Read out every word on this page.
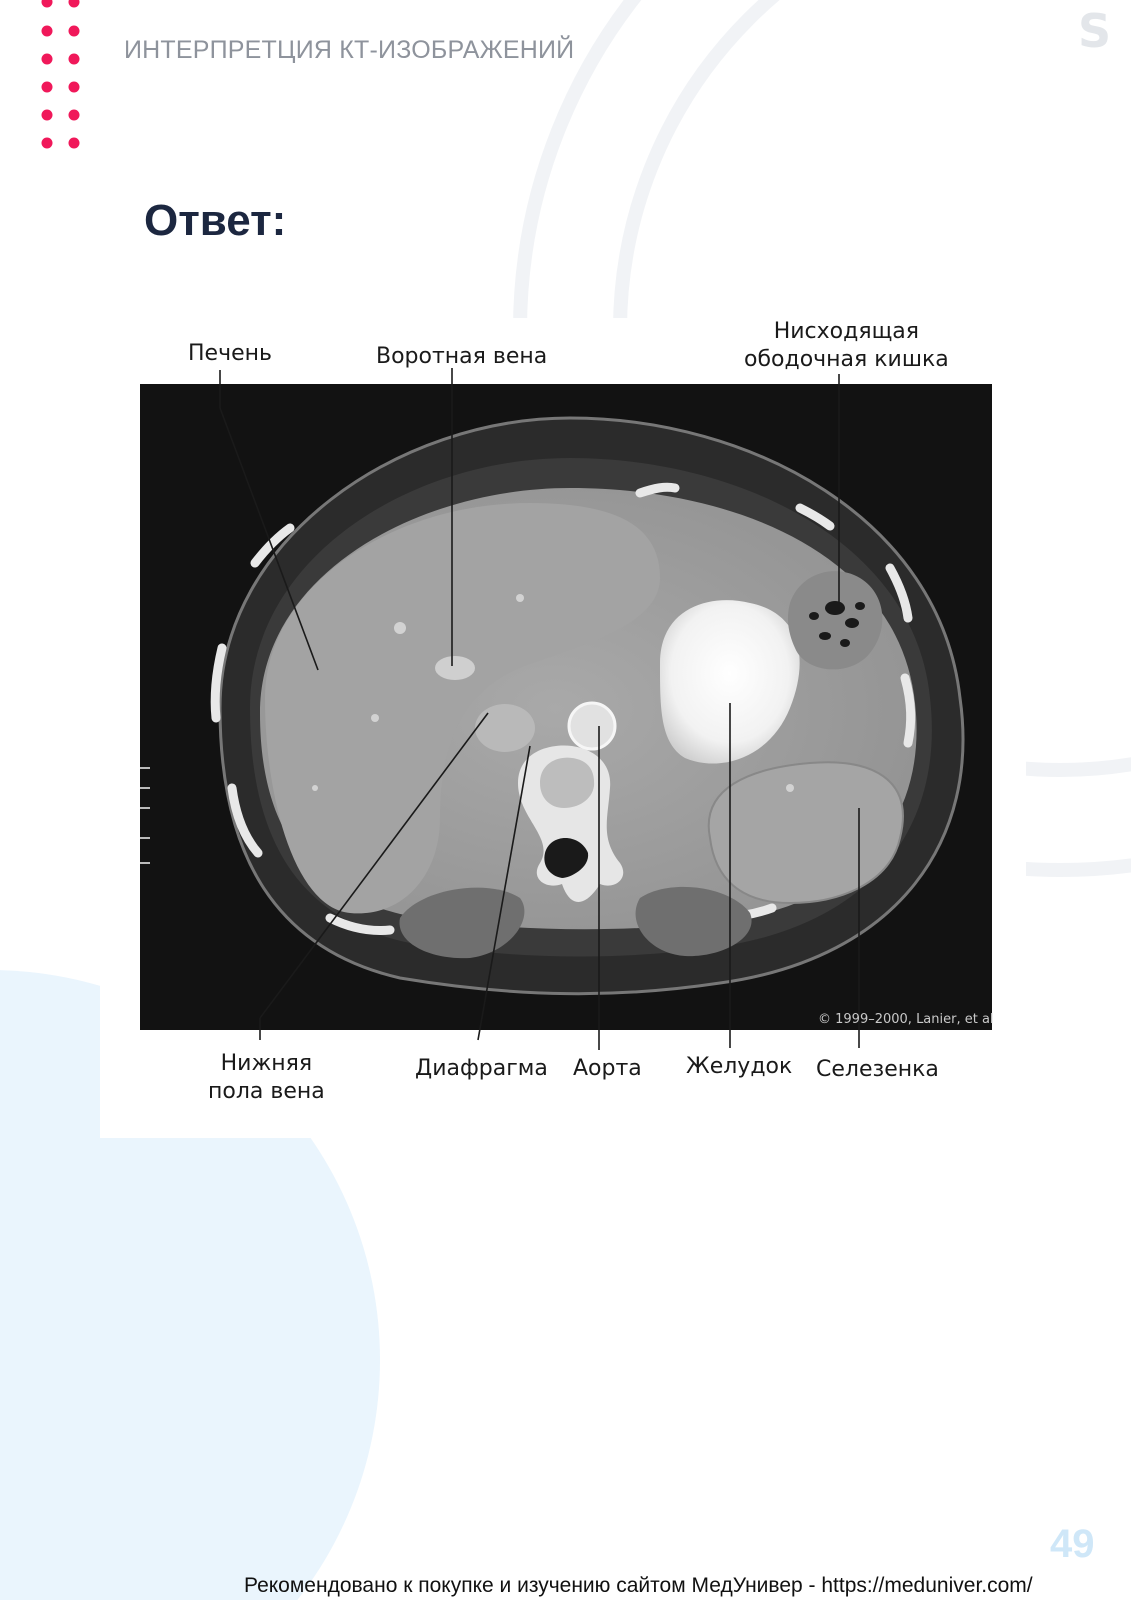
ИНТЕРПРЕТЦИЯ КТ-ИЗОБРАЖЕНИЙ	S
Ответ:
Печень	Воротная вена
Нисходящая
ободочная кишка
Нижняя
пола вена
Диафрагма Аорта Желудок Селезенка
© 1999–2000, Lanier, et al
49
Рекомендовано к покупке и изучению сайтом МедУнивер - https://meduniver.com/
